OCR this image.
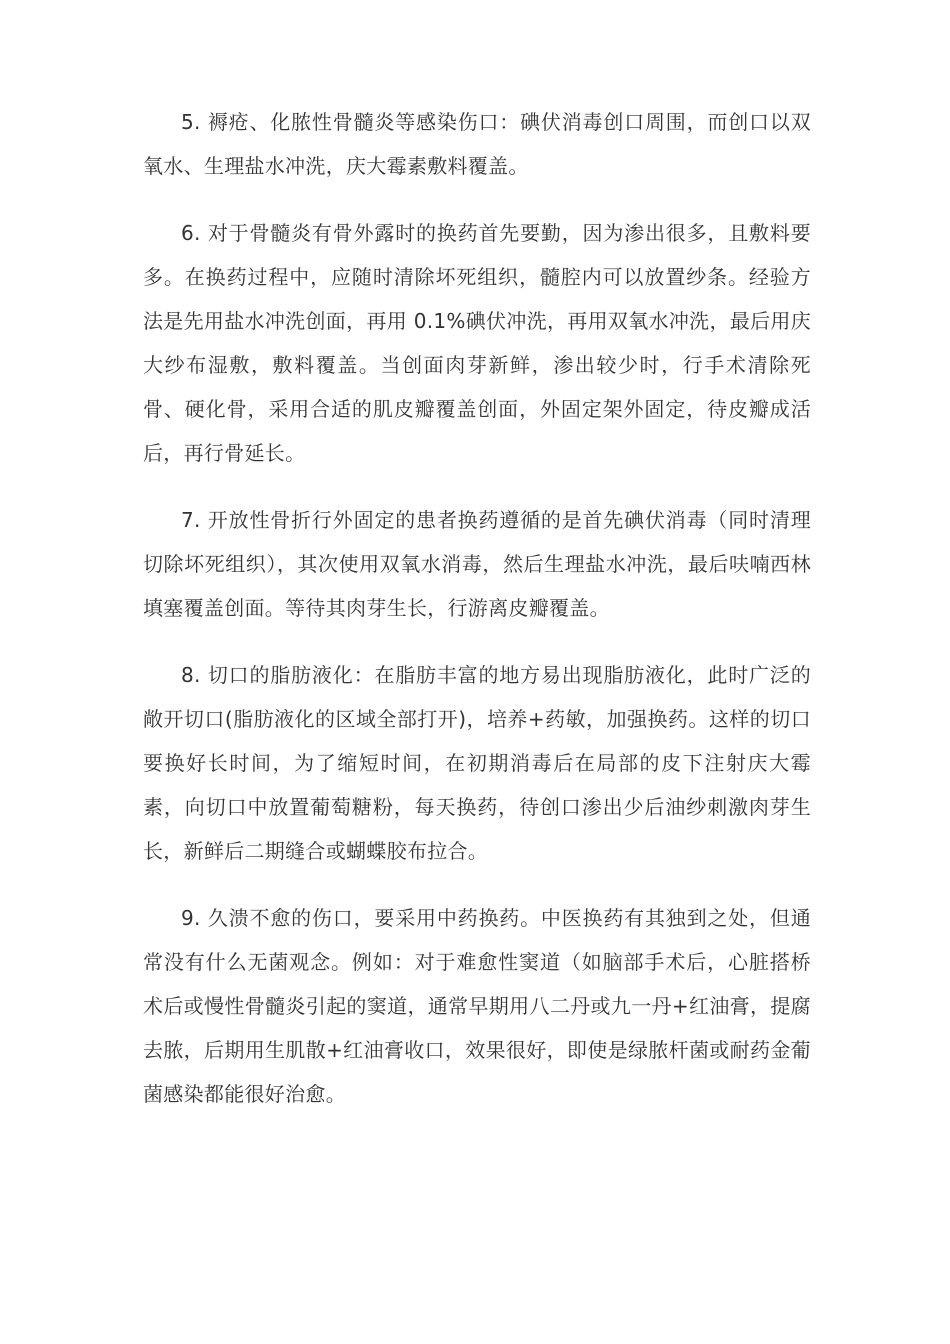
5. 褥疮、化脓性骨髓炎等感染伤口：碘伏消毒创口周围，而创口以双氧水、生理盐水冲洗，庆大霉素敷料覆盖。

6. 对于骨髓炎有骨外露时的换药首先要勤，因为渗出很多，且敷料要多。在换药过程中，应随时清除坏死组织，髓腔内可以放置纱条。经验方法是先用盐水冲洗创面，再用 0.1%碘伏冲洗，再用双氧水冲洗，最后用庆大纱布湿敷，敷料覆盖。当创面肉芽新鲜，渗出较少时，行手术清除死骨、硬化骨，采用合适的肌皮瓣覆盖创面，外固定架外固定，待皮瓣成活后，再行骨延长。

7. 开放性骨折行外固定的患者换药遵循的是首先碘伏消毒（同时清理切除坏死组织），其次使用双氧水消毒，然后生理盐水冲洗，最后呋喃西林填塞覆盖创面。等待其肉芽生长，行游离皮瓣覆盖。

8. 切口的脂肪液化：在脂肪丰富的地方易出现脂肪液化，此时广泛的敞开切口(脂肪液化的区域全部打开)，培养+药敏，加强换药。这样的切口要换好长时间，为了缩短时间，在初期消毒后在局部的皮下注射庆大霉素，向切口中放置葡萄糖粉，每天换药，待创口渗出少后油纱刺激肉芽生长，新鲜后二期缝合或蝴蝶胶布拉合。

9. 久溃不愈的伤口，要采用中药换药。中医换药有其独到之处，但通常没有什么无菌观念。例如：对于难愈性窦道（如脑部手术后，心脏搭桥术后或慢性骨髓炎引起的窦道，通常早期用八二丹或九一丹+红油膏，提腐去脓，后期用生肌散+红油膏收口，效果很好，即使是绿脓杆菌或耐药金葡菌感染都能很好治愈。
